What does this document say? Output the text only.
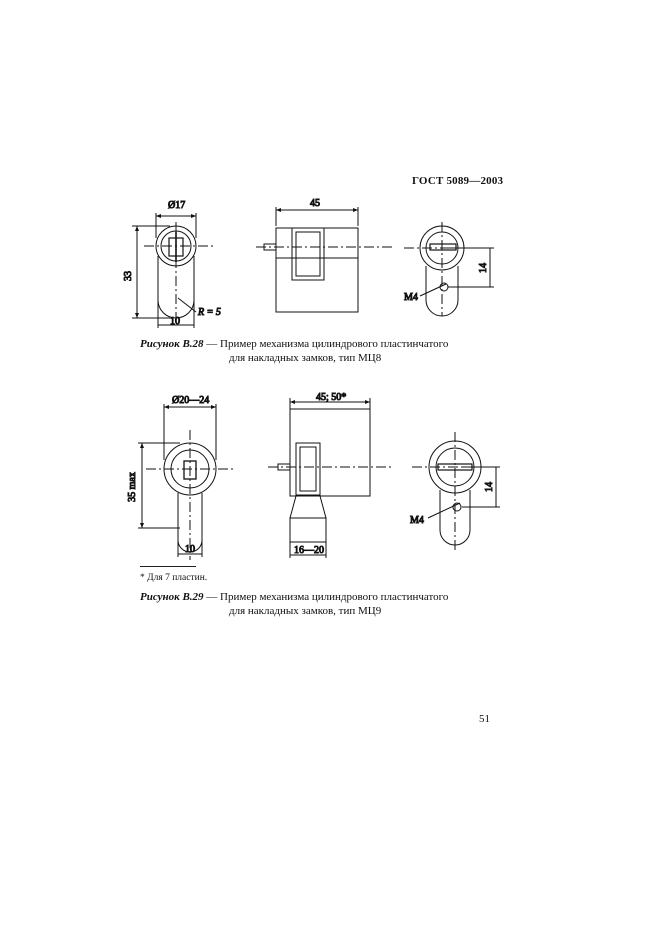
ГОСТ 5089—2003
Ø17
33
10
R = 5
45
14
М4
Ø20—24
35 max
10
45; 50*
16—20
14
М4
Рисунок В.28 — Пример механизма цилиндрового пластинчатого
для накладных замков, тип МЦ8
* Для 7 пластин.
Рисунок В.29 — Пример механизма цилиндрового пластинчатого
для накладных замков, тип МЦ9
51
